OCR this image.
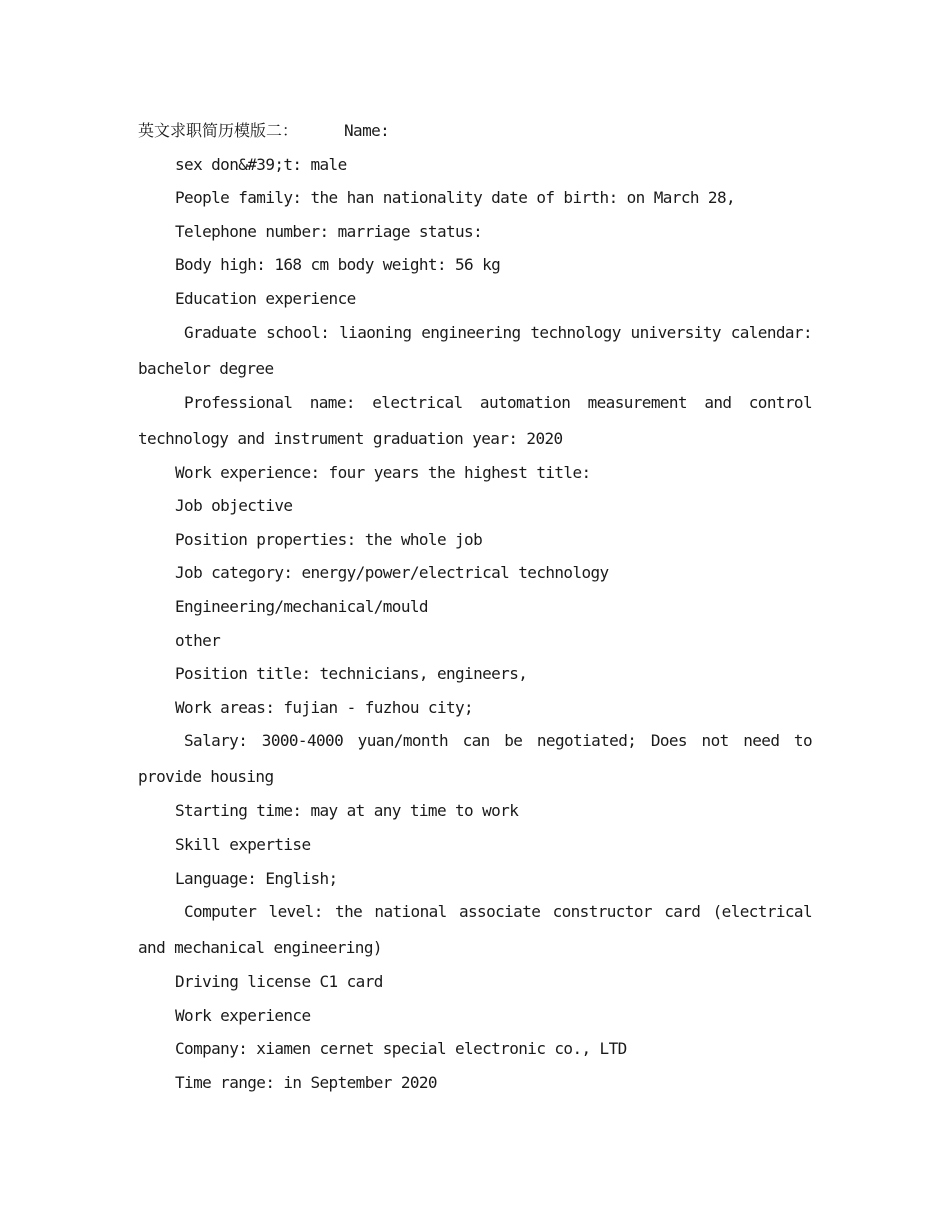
英文求职简历模版二：	Name:
sex don&#39;t: male
People family: the han nationality date of birth: on March 28,
Telephone number: marriage status:
Body high: 168 cm body weight: 56 kg
Education experience
Graduate school: liaoning engineering technology university calendar: bachelor degree
Professional name: electrical automation measurement and control technology and instrument graduation year: 2020
Work experience: four years the highest title:
Job objective
Position properties: the whole job
Job category: energy/power/electrical technology
Engineering/mechanical/mould
other
Position title: technicians, engineers,
Work areas: fujian - fuzhou city;
Salary: 3000-4000 yuan/month can be negotiated; Does not need to provide housing
Starting time: may at any time to work
Skill expertise
Language: English;
Computer level: the national associate constructor card (electrical and mechanical engineering)
Driving license C1 card
Work experience
Company: xiamen cernet special electronic co., LTD
Time range: in September 2020
